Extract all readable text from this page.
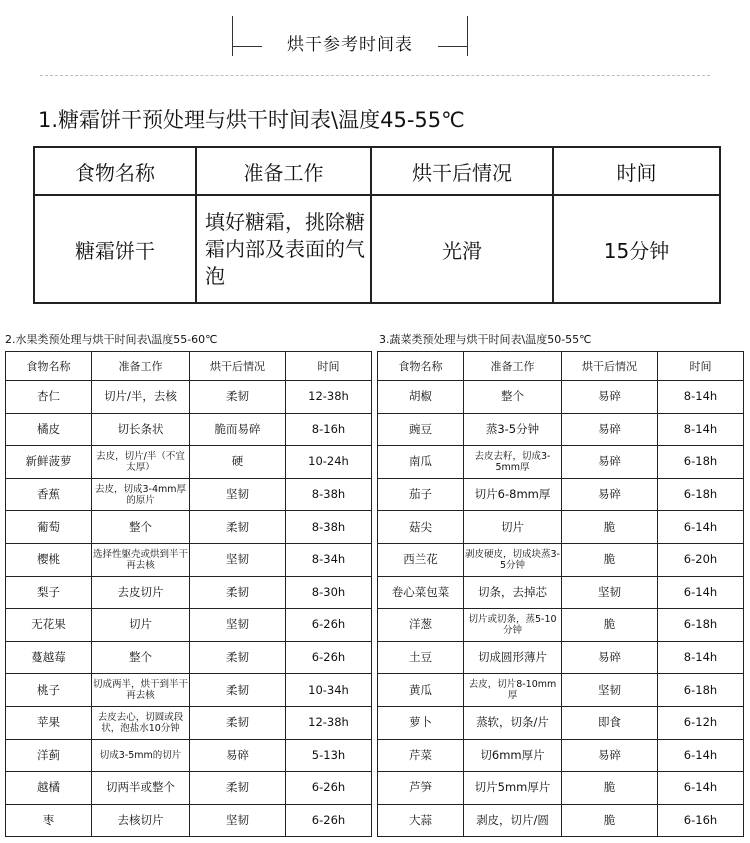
烘干参考时间表
1.糖霜饼干预处理与烘干时间表\温度45-55℃
食物名称	准备工作	烘干后情况	时间
糖霜饼干	填好糖霜，挑除糖霜内部及表面的气泡	光滑	15分钟
2.水果类预处理与烘干时间表\温度55-60℃	3.蔬菜类预处理与烘干时间表\温度50-55℃
食物名称	准备工作	烘干后情况	时间
杏仁	切片/半，去核	柔韧	12-38h
橘皮	切长条状	脆而易碎	8-16h
新鲜菠萝	去皮，切片/半（不宜太厚）	硬	10-24h
香蕉	去皮，切成3-4mm厚的原片	坚韧	8-38h
葡萄	整个	柔韧	8-38h
樱桃	选择性躯壳或烘到半干再去核	坚韧	8-34h
梨子	去皮切片	柔韧	8-30h
无花果	切片	坚韧	6-26h
蔓越莓	整个	柔韧	6-26h
桃子	切成两半，烘干到半干再去核	柔韧	10-34h
苹果	去皮去心，切圆或段状，泡盐水10分钟	柔韧	12-38h
洋蓟	切成3-5mm的切片	易碎	5-13h
越橘	切两半或整个	柔韧	6-26h
枣	去核切片	坚韧	6-26h
食物名称	准备工作	烘干后情况	时间
胡椒	整个	易碎	8-14h
豌豆	蒸3-5分钟	易碎	8-14h
南瓜	去皮去籽，切成3-5mm厚	易碎	6-18h
茄子	切片6-8mm厚	易碎	6-18h
菇尖	切片	脆	6-14h
西兰花	剥皮硬皮，切成块蒸3-5分钟	脆	6-20h
卷心菜包菜	切条，去掉芯	坚韧	6-14h
洋葱	切片或切条，蒸5-10分钟	脆	6-18h
土豆	切成圆形薄片	易碎	8-14h
黄瓜	去皮，切片8-10mm厚	坚韧	6-18h
萝卜	蒸软，切条/片	即食	6-12h
芹菜	切6mm厚片	易碎	6-14h
芦笋	切片5mm厚片	脆	6-14h
大蒜	剥皮，切片/圆	脆	6-16h
